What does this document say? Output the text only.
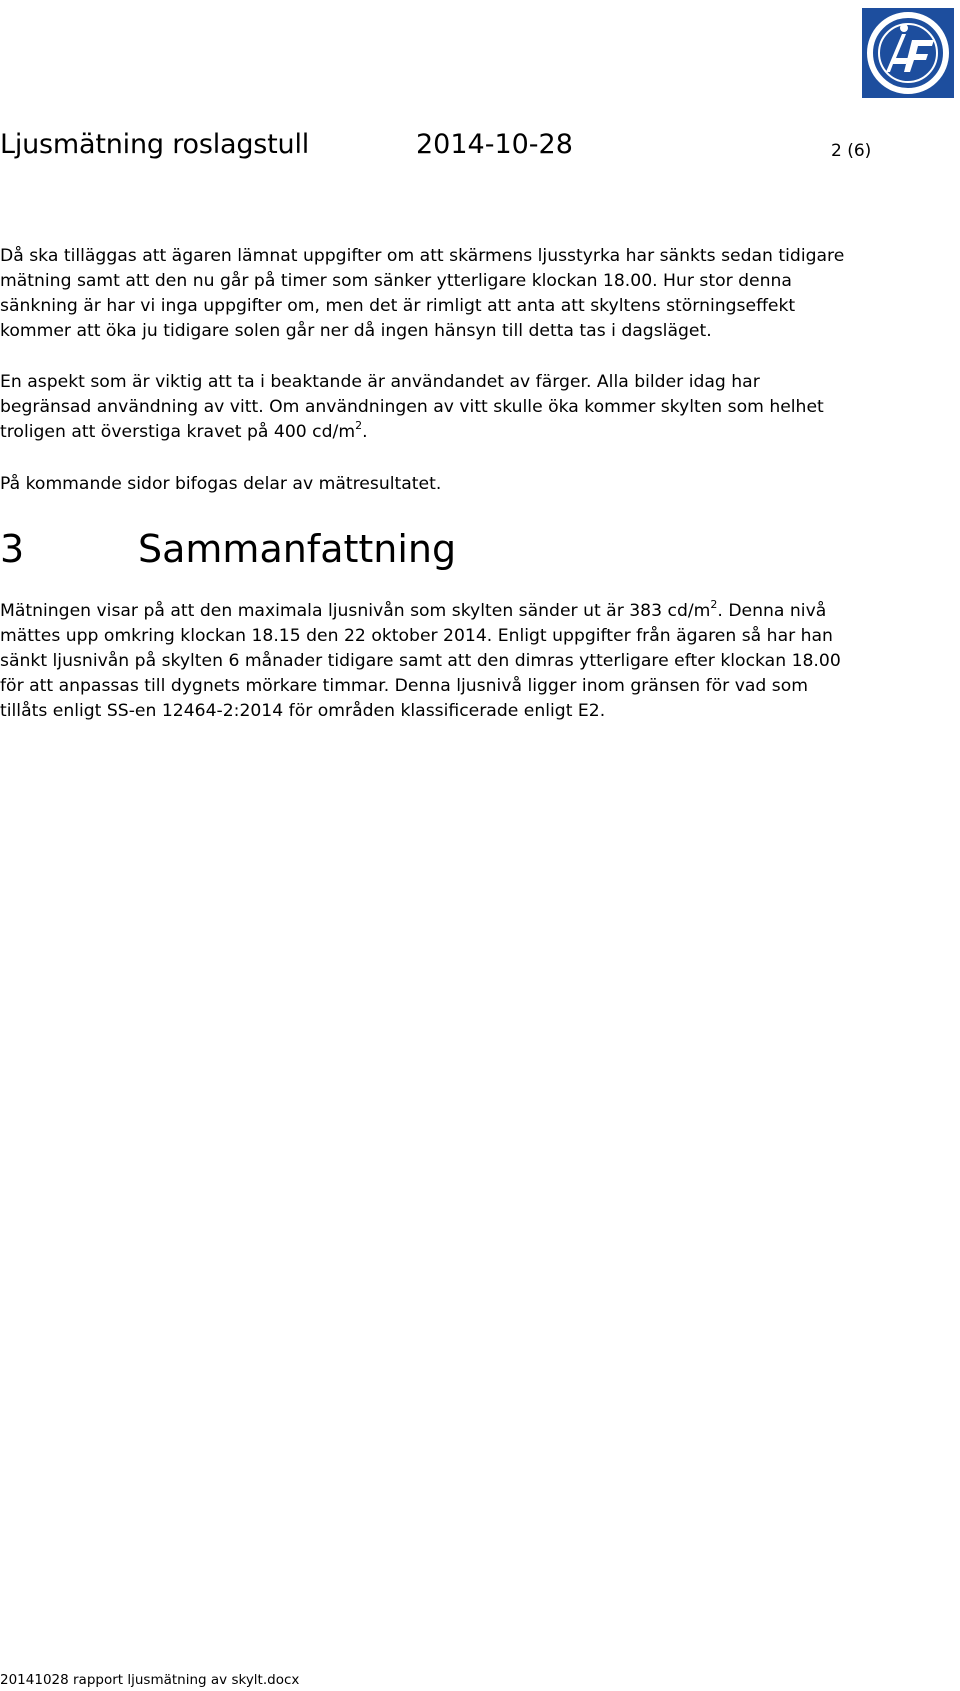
Ljusmätning roslagstull	2014-10-28	2 (6)
Då ska tilläggas att ägaren lämnat uppgifter om att skärmens ljusstyrka har sänkts sedan tidigare
mätning samt att den nu går på timer som sänker ytterligare klockan 18.00. Hur stor denna
sänkning är har vi inga uppgifter om, men det är rimligt att anta att skyltens störningseffekt
kommer att öka ju tidigare solen går ner då ingen hänsyn till detta tas i dagsläget.
En aspekt som är viktig att ta i beaktande är användandet av färger. Alla bilder idag har
begränsad användning av vitt. Om användningen av vitt skulle öka kommer skylten som helhet
troligen att överstiga kravet på 400 $cd/m^2$.
På kommande sidor bifogas delar av mätresultatet.
3	Sammanfattning
Mätningen visar på att den maximala ljusnivån som skylten sänder ut är 383 $cd/m^2$. Denna nivå
mättes upp omkring klockan 18.15 den 22 oktober 2014. Enligt uppgifter från ägaren så har han
sänkt ljusnivån på skylten 6 månader tidigare samt att den dimras ytterligare efter klockan 18.00
för att anpassas till dygnets mörkare timmar. Denna ljusnivå ligger inom gränsen för vad som
tillåts enligt SS-en 12464-2:2014 för områden klassificerade enligt E2.
20141028 rapport ljusmätning av skylt.docx
